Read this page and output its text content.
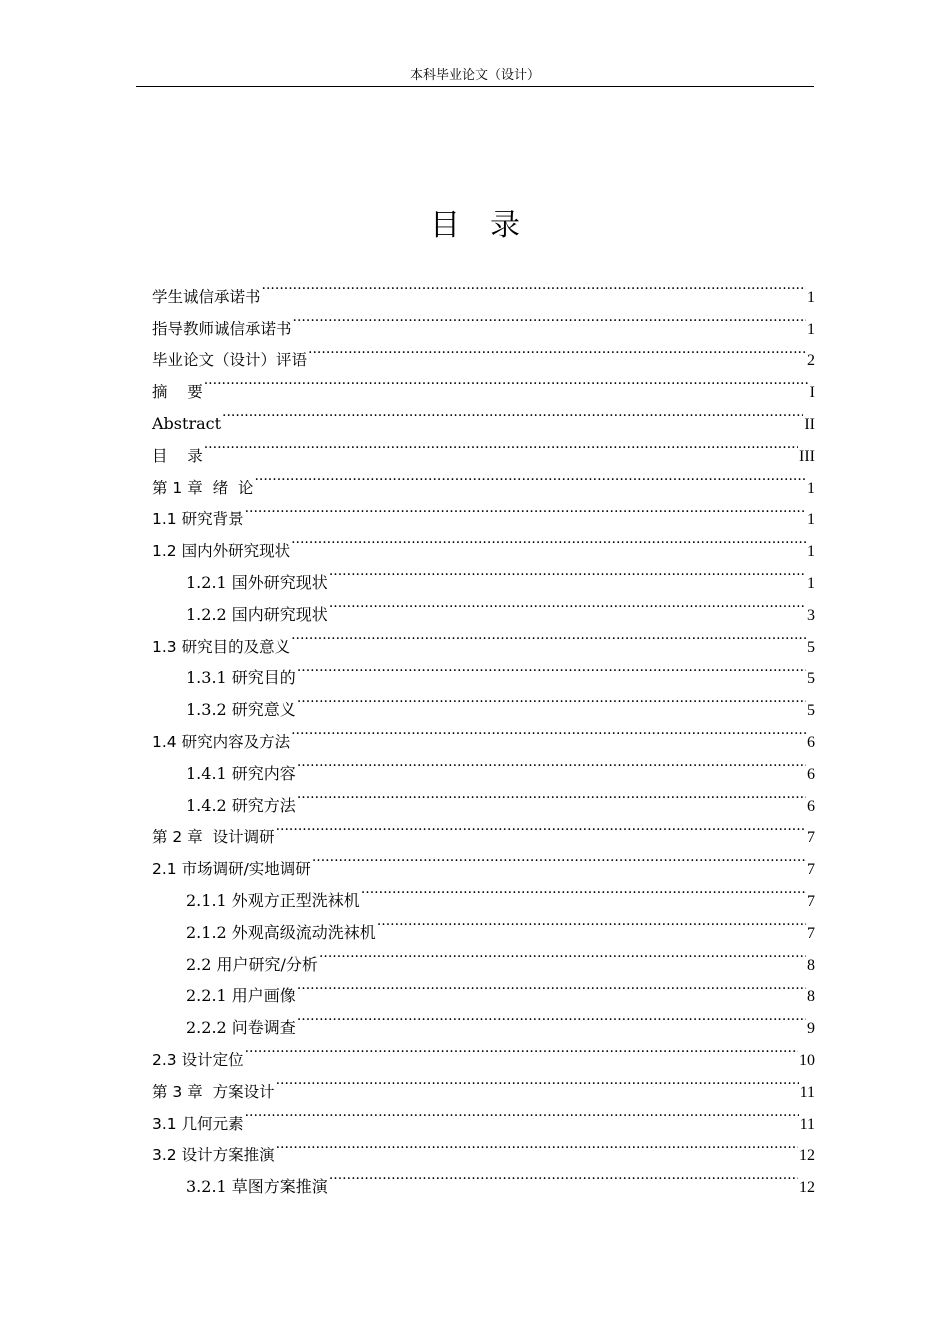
本科毕业论文（设计）
目录
学生诚信承诺书 .....	1
指导教师诚信承诺书 .....	1
毕业论文（设计）评语 .....	2
摘    要 .....	I
Abstract .....	II
目    录 .....	III
第 1 章  绪  论 .....	1
1.1 研究背景 .....	1
1.2 国内外研究现状 .....	1
1.2.1 国外研究现状 .....	1
1.2.2 国内研究现状 .....	3
1.3 研究目的及意义 .....	5
1.3.1 研究目的 .....	5
1.3.2 研究意义 .....	5
1.4 研究内容及方法 .....	6
1.4.1 研究内容 .....	6
1.4.2 研究方法 .....	6
第 2 章  设计调研 .....	7
2.1 市场调研/实地调研 .....	7
2.1.1 外观方正型洗袜机 .....	7
2.1.2 外观高级流动洗袜机 .....	7
2.2 用户研究/分析 .....	8
2.2.1 用户画像 .....	8
2.2.2 问卷调查 .....	9
2.3 设计定位 .....	10
第 3 章  方案设计 .....	11
3.1 几何元素 .....	11
3.2 设计方案推演 .....	12
3.2.1 草图方案推演 .....	12
